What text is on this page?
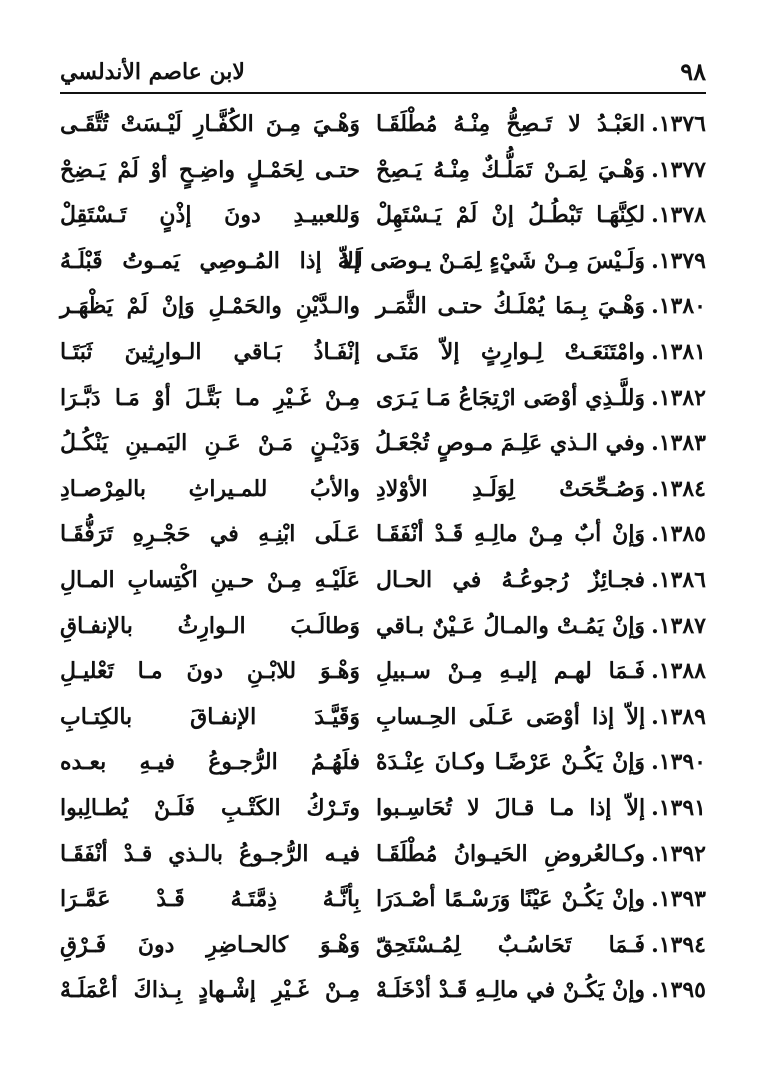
٩٨
لابن عاصم الأندلسي
١٣٧٦.العَبْـدُ لا تَـصِحُّ مِنْـهُ مُطْلَقَـا
وَهْـيَ مِـنَ الكُفَّـارِ لَيْـسَتْ تُتَّقَـى
١٣٧٧.وَهْـيَ لِمَـنْ تَمَلُّـكٌ مِنْـهُ يَـصِحْ
حتـى لِحَمْـلٍ واضِـحٍ أوْ لَمْ يَـضِحْ
١٣٧٨.لكِنَّهَـا تَبْطُـلُ إنْ لَمْ يَـسْتَهِلْ
وَللعبيـدِ دونَ إذْنٍ تَـسْتَقِلْ
١٣٧٩.وَلَـيْسَ مِـنْ شَيْءٍ لِمَـنْ يـوصَى لَـهُ
إلاّ إذا المُـوصِي يَمـوتُ قَبْلَـهُ
١٣٨٠.وَهْـيَ بِـمَا يُمْلَـكُ حتـى الثَّمَـر
والـدَّيْنِ والحَمْـلِ وَإنْ لَمْ يَظْهَـر
١٣٨١.وامْتَنَعَـتْ لِـوارِثٍ إلاّ مَتَـى
إنْفَـاذُ بَـاقي الـوارِثِينَ ثَبَتَـا
١٣٨٢.وَللَّـذِي أوْصَى ارْتِجَاعُ مَـا يَـرَى
مِـنْ غَـيْرِ مـا بَتَّـلَ أوْ مَـا دَبَّـرَا
١٣٨٣.وفي الـذي عَلِـمَ مـوصٍ تُجْعَـلُ
وَدَيْـنٍ مَـنْ عَـنِ اليَمـينِ يَنْكُـلُ
١٣٨٤.وَصُـحِّحَتْ لِوَلَـدِ الأوْلادِ
والأبُ للمـيراثِ بالمِرْصـادِ
١٣٨٥.وَإنْ أبٌ مِـنْ مالِـهِ قَـدْ أنْفَقَـا
عَـلَى ابْنِـهِ في حَجْـرِهِ تَرَفُّقَـا
١٣٨٦.فجـائِزٌ رُجوعُـهُ في الحـال
عَلَيْـهِ مِـنْ حـينِ اكْتِسابِ المـالِ
١٣٨٧.وَإنْ يَمُـتْ والمـالُ عَـيْنٌ بـاقي
وَطالَـبَ الـوارِثُ بالإنفـاقِ
١٣٨٨.فَـمَا لهـم إليـهِ مِـنْ سـبيلِ
وَهْـوَ للابْـنِ دونَ مـا تَعْليـلِ
١٣٨٩.إلاّ إذا أوْصَى عَـلَى الحِـسابِ
وَقَيَّـدَ الإنفـاقَ بالكِتـابِ
١٣٩٠.وَإنْ يَكُـنْ عَرْضًـا وكـانَ عِنْـدَهْ
فلَهُـمُ الرُّجـوعُ فيـهِ بعـده
١٣٩١.إلاّ إذا مـا قـالَ لا تُحَاسِـبوا
وتَـرْكُ الكَتْـبِ فَلَـنْ يُطـالِبوا
١٣٩٢.وكـالعُروضِ الحَيـوانُ مُطْلَقَـا
فيـه الرُّجـوعُ بالـذي قـدْ أنْفَقَـا
١٣٩٣.وإنْ يَكُـنْ عَيْنًا وَرَسْـمًا أصْـدَرَا
بِأنَّـهُ ذِمَّتَـهُ قَـدْ عَمَّـرَا
١٣٩٤.فَـمَا تَحَاسُـبٌ لِمُـسْتَحِقّ
وَهْـوَ كالحـاضِرِ دونَ فَـرْقِ
١٣٩٥.وإنْ يَكُـنْ في مالِـهِ قَـدْ أدْخَلَـهْ
مِـنْ غَـيْرِ إشْـهادٍ بِـذاكَ أعْمَلَـهْ
